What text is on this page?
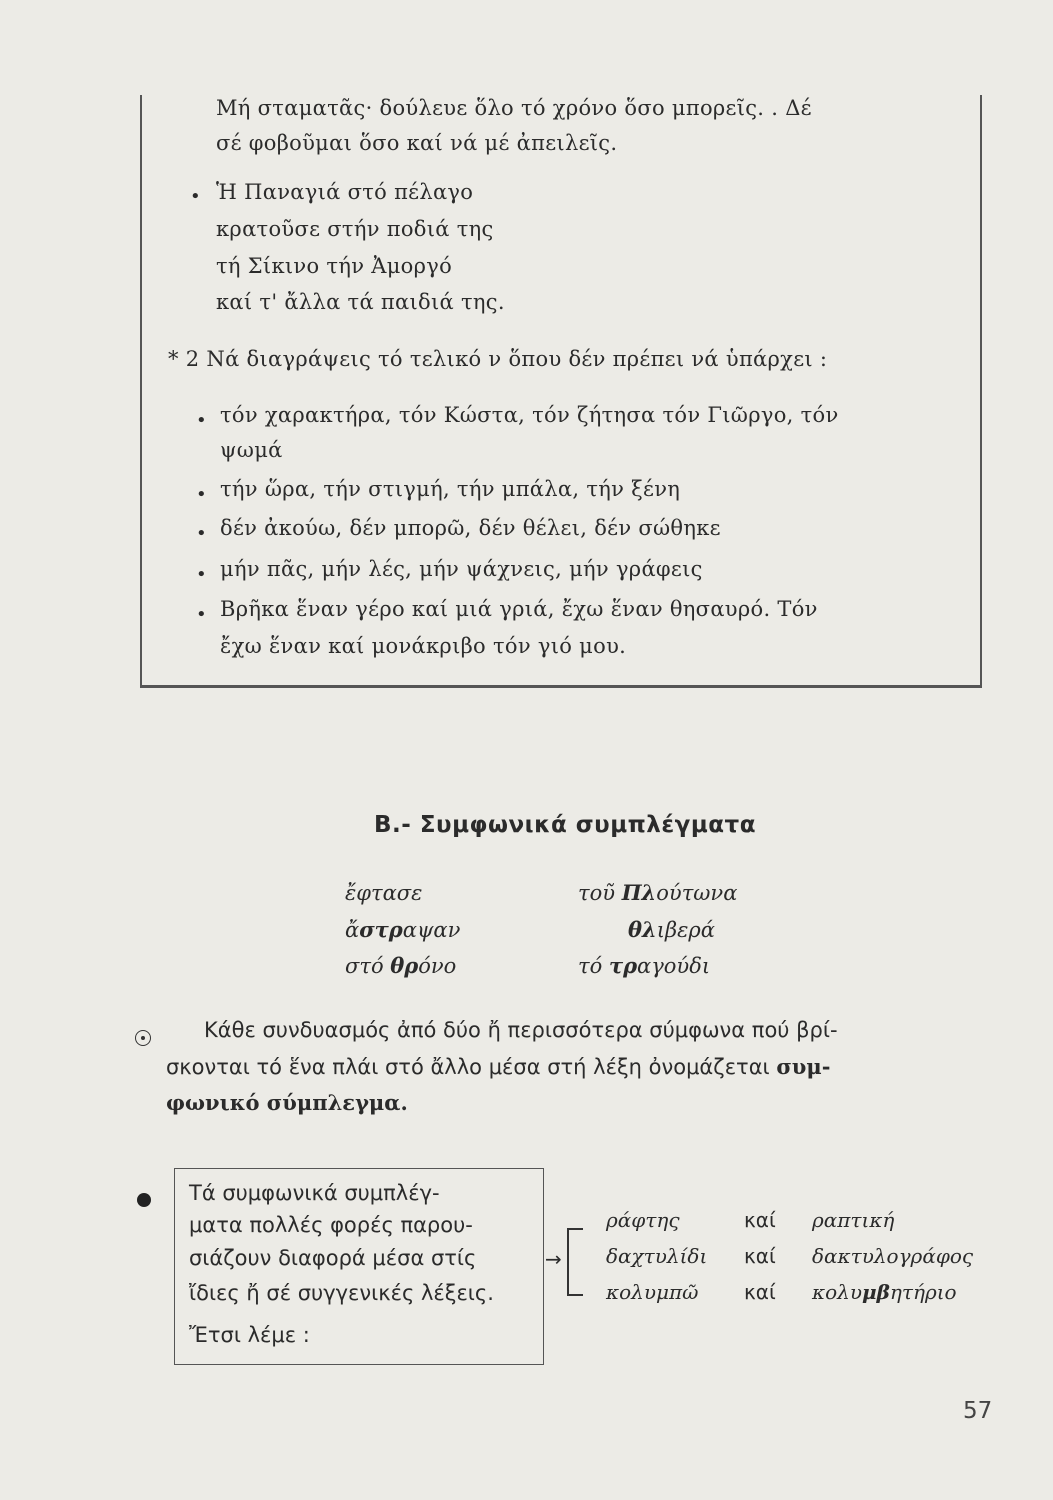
Μή σταματᾶς· δούλευε ὅλο τό χρόνο ὅσο μπορεῖς. . Δέ
σέ φοβοῦμαι ὅσο καί νά μέ ἀπειλεῖς.
• Ἡ Παναγιά στό πέλαγο
κρατοῦσε στήν ποδιά της
τή Σίκινο τήν Ἀμοργό
καί τ' ἄλλα τά παιδιά της.
* 2 Νά διαγράψεις τό τελικό ν ὅπου δέν πρέπει νά ὑπάρχει :
• τόν χαρακτήρα, τόν Κώστα, τόν ζήτησα τόν Γιῶργο, τόν
ψωμά
• τήν ὥρα, τήν στιγμή, τήν μπάλα, τήν ξένη
• δέν ἀκούω, δέν μπορῶ, δέν θέλει, δέν σώθηκε
• μήν πᾶς, μήν λές, μήν ψάχνεις, μήν γράφεις
• Βρῆκα ἕναν γέρο καί μιά γριά, ἔχω ἕναν θησαυρό. Τόν
ἔχω ἕναν καί μονάκριβο τόν γιό μου.
Β.- Συμφωνικά συμπλέγματα
ἔφτασε
ἄστραψαν
στό θρόνο
τοῦ Πλούτωνα
θλιβερά
τό τραγούδι
Κάθε συνδυασμός ἀπό δύο ἤ περισσότερα σύμφωνα πού βρί-
σκονται τό ἕνα πλάι στό ἄλλο μέσα στή λέξη ὀνομάζεται συμ-
φωνικό σύμπλεγμα.
Τά συμφωνικά συμπλέγ-
ματα πολλές φορές παρου-
σιάζουν διαφορά μέσα στίς
ἴδιες ἤ σέ συγγενικές λέξεις.
Ἔτσι λέμε :
→
ράφτης	καί ραπτική
δαχτυλίδι καί δακτυλογράφος
κολυμπῶ καί κολυμβητήριο
57
